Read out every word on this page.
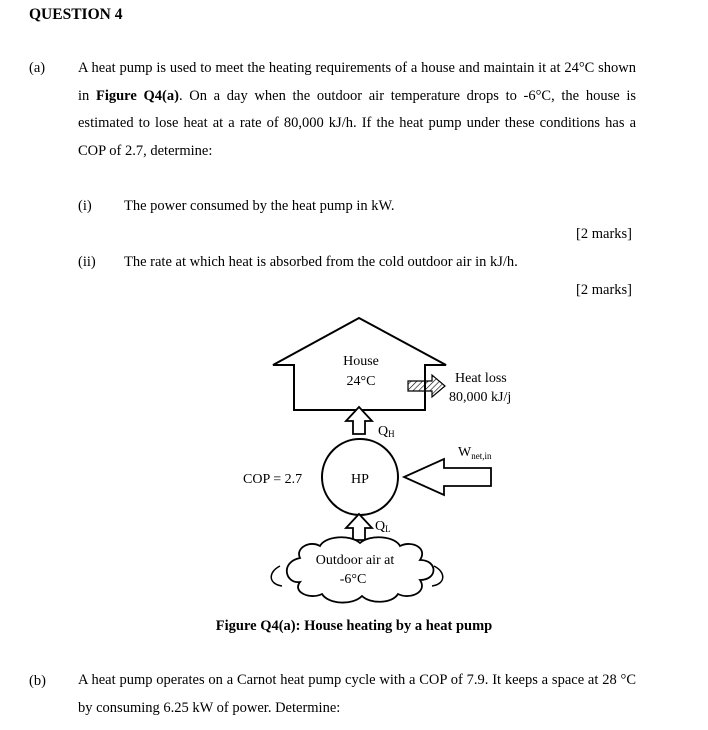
QUESTION 4
(a) A heat pump is used to meet the heating requirements of a house and maintain it at 24°C shown in Figure Q4(a). On a day when the outdoor air temperature drops to -6°C, the house is estimated to lose heat at a rate of 80,000 kJ/h. If the heat pump under these conditions has a COP of 2.7, determine:
(i) The power consumed by the heat pump in kW.
[2 marks]
(ii) The rate at which heat is absorbed from the cold outdoor air in kJ/h.
[2 marks]
House
24°C	Heat loss
80,000 kJ/j
QH
$W_{net,in}$
HP
COP = 2.7
QL
Outdoor air at
-6°C
Figure Q4(a): House heating by a heat pump
(b) A heat pump operates on a Carnot heat pump cycle with a COP of 7.9. It keeps a space at 28 °C by consuming 6.25 kW of power. Determine:
